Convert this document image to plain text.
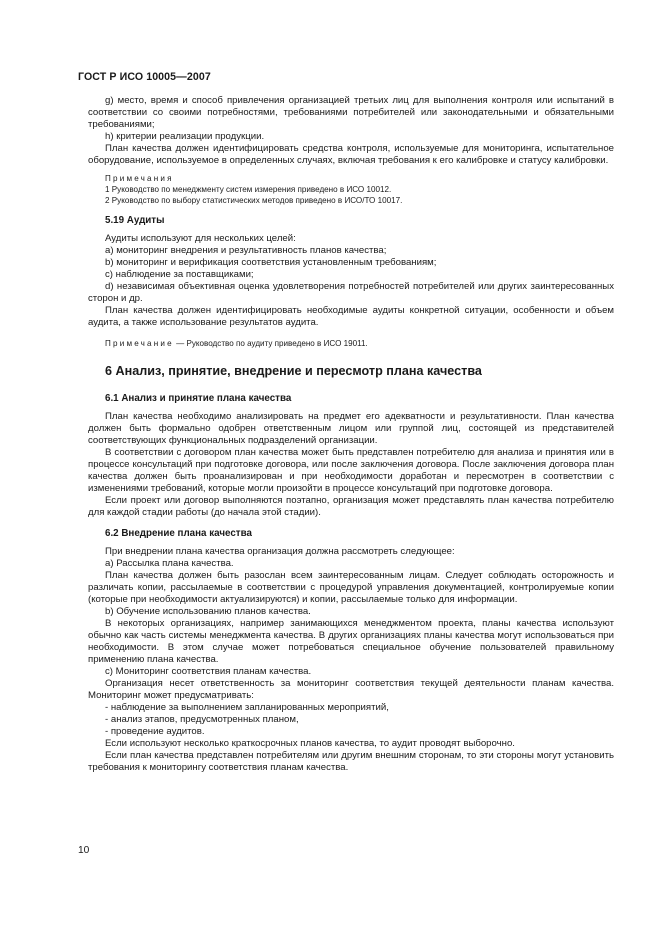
ГОСТ Р ИСО 10005—2007

g) место, время и способ привлечения организацией третьих лиц для выполнения контроля или испытаний в соответствии со своими потребностями, требованиями потребителей или законодательными и обязательными требованиями;

h) критерии реализации продукции.

План качества должен идентифицировать средства контроля, используемые для мониторинга, испытательное оборудование, используемое в определенных случаях, включая требования к его калибровке и статусу калибровки.

Примечания
1 Руководство по менеджменту систем измерения приведено в ИСО 10012.
2 Руководство по выбору статистических методов приведено в ИСО/ТО 10017.
5.19 Аудиты

Аудиты используют для нескольких целей:

a) мониторинг внедрения и результативность планов качества;

b) мониторинг и верификация соответствия установленным требованиям;

c) наблюдение за поставщиками;

d) независимая объективная оценка удовлетворения потребностей потребителей или других заинтересованных сторон и др.

План качества должен идентифицировать необходимые аудиты конкретной ситуации, особенности и объем аудита, а также использование результатов аудита.

Примечание — Руководство по аудиту приведено в ИСО 19011.
6 Анализ, принятие, внедрение и пересмотр плана качества
6.1 Анализ и принятие плана качества

План качества необходимо анализировать на предмет его адекватности и результативности. План качества должен быть формально одобрен ответственным лицом или группой лиц, состоящей из представителей соответствующих функциональных подразделений организации.

В соответствии с договором план качества может быть представлен потребителю для анализа и принятия или в процессе консультаций при подготовке договора, или после заключения договора. После заключения договора план качества должен быть проанализирован и при необходимости доработан и пересмотрен в соответствии с изменениями требований, которые могли произойти в процессе консультаций при подготовке договора.

Если проект или договор выполняются поэтапно, организация может представлять план качества потребителю для каждой стадии работы (до начала этой стадии).

6.2 Внедрение плана качества

При внедрении плана качества организация должна рассмотреть следующее:

a) Рассылка плана качества.

План качества должен быть разослан всем заинтересованным лицам. Следует соблюдать осторожность и различать копии, рассылаемые в соответствии с процедурой управления документацией, контролируемые копии (которые при необходимости актуализируются) и копии, рассылаемые только для информации.

b) Обучение использованию планов качества.

В некоторых организациях, например занимающихся менеджментом проекта, планы качества используют обычно как часть системы менеджмента качества. В других организациях планы качества могут использоваться при необходимости. В этом случае может потребоваться специальное обучение пользователей правильному применению плана качества.

c) Мониторинг соответствия планам качества.

Организация несет ответственность за мониторинг соответствия текущей деятельности планам качества. Мониторинг может предусматривать:

- наблюдение за выполнением запланированных мероприятий,

- анализ этапов, предусмотренных планом,

- проведение аудитов.

Если используют несколько краткосрочных планов качества, то аудит проводят выборочно.

Если план качества представлен потребителям или другим внешним сторонам, то эти стороны могут установить требования к мониторингу соответствия планам качества.

10
